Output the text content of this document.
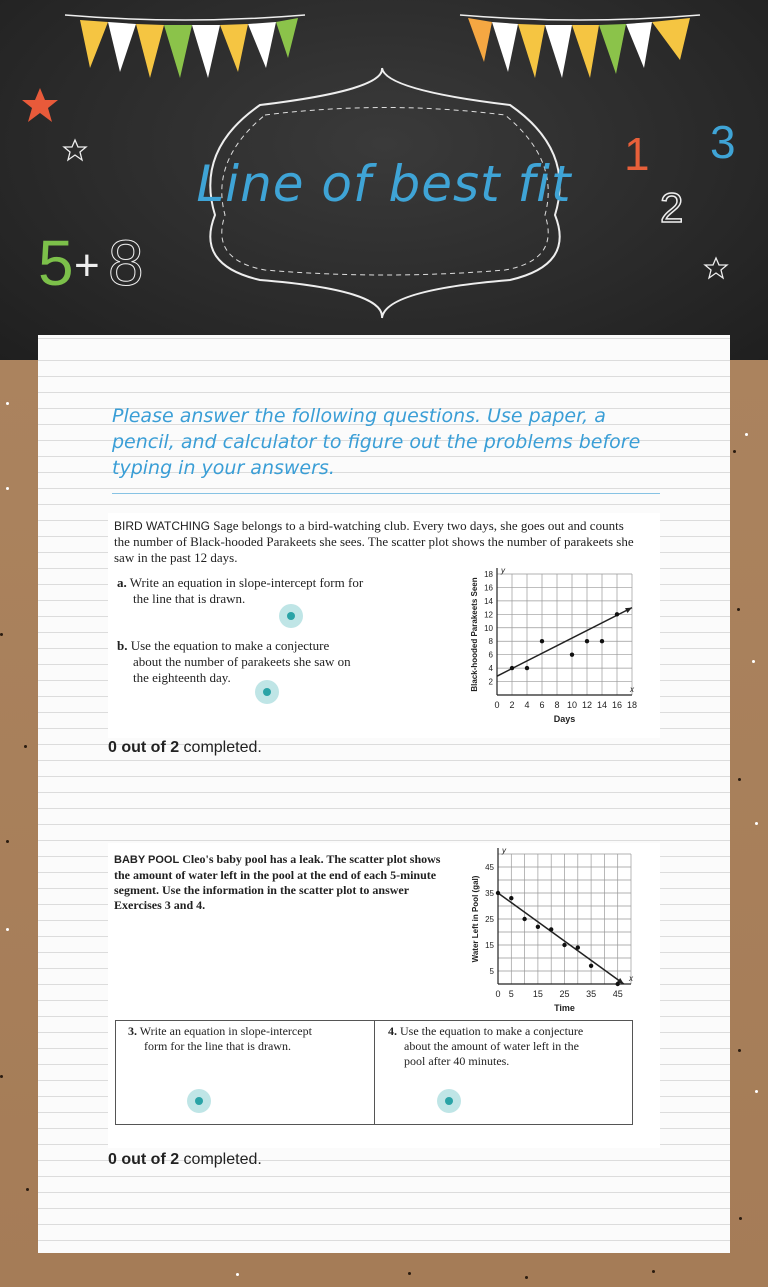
5 + 8
1
2
3
Line of best fit
Please answer the following questions. Use paper, a pencil, and calculator to figure out the problems before typing in your answers.
BIRD WATCHING Sage belongs to a bird-watching club. Every two days, she goes out and counts the number of Black-hooded Parakeets she sees. The scatter plot shows the number of parakeets she saw in the past 12 days.
a. Write an equation in slope-intercept form for
the line that is drawn.
b. Use the equation to make a conjecture
about the number of parakeets she saw on
the eighteenth day.
0 2 4 6 8 10 12 14 16 18
2
4
6
8
10
12
14
16
18 y
x
Days
Black-hooded Parakeets Seen
0 out of 2 completed.
BABY POOL Cleo's baby pool has a leak. The scatter plot shows the amount of water left in the pool at the end of each 5-minute segment. Use the information in the scatter plot to answer Exercises 3 and 4.
0 5 15 25 35 45
5
15
25
35
45
y
x
Time
Water Left in Pool (gal)
3. Write an equation in slope-intercept
form for the line that is drawn.
4. Use the equation to make a conjecture
about the amount of water left in the
pool after 40 minutes.
0 out of 2 completed.
